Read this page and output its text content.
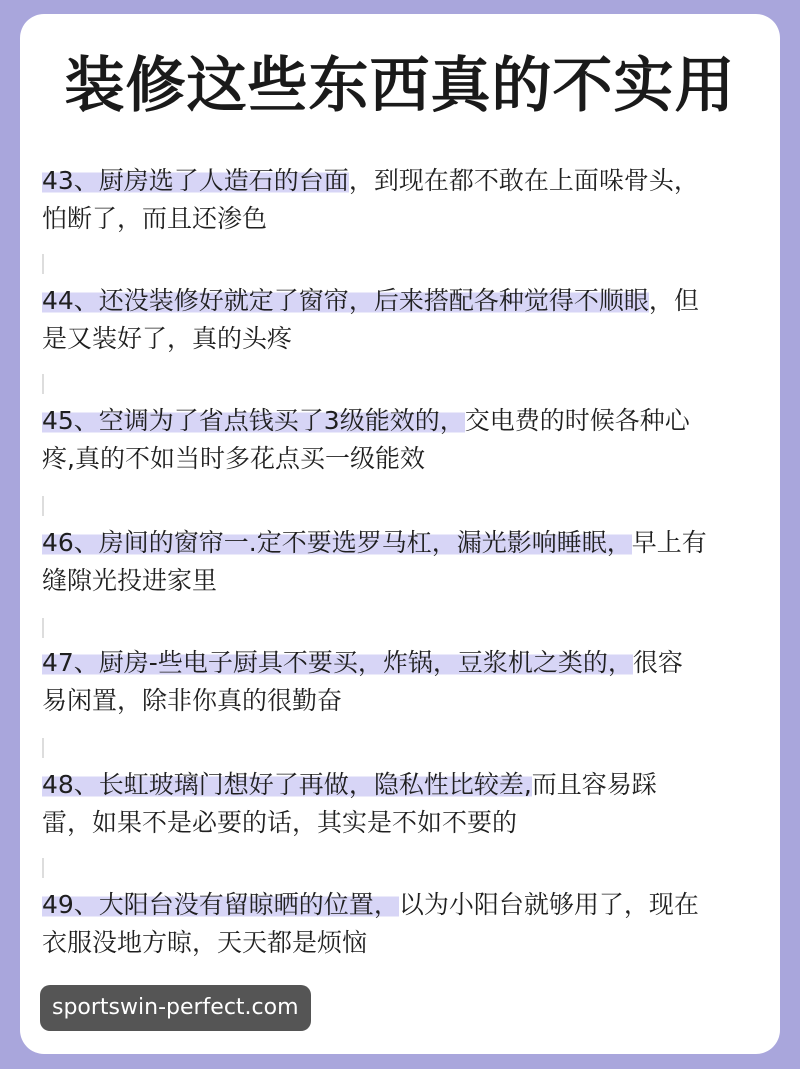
装修这些东西真的不实用
43、厨房选了人造石的台面，到现在都不敢在上面哚骨头，
怕断了，而且还渗色
44、还没装修好就定了窗帘，后来搭配各种觉得不顺眼，但
是又装好了，真的头疼
45、空调为了省点钱买了3级能效的，交电费的时候各种心
疼,真的不如当时多花点买一级能效
46、房间的窗帘一.定不要选罗马杠，漏光影响睡眠，早上有
缝隙光投进家里
47、厨房-些电子厨具不要买，炸锅，豆浆机之类的，很容
易闲置，除非你真的很勤奋
48、长虹玻璃门想好了再做，隐私性比较差,而且容易踩
雷，如果不是必要的话，其实是不如不要的
49、大阳台没有留晾晒的位置，以为小阳台就够用了，现在
衣服没地方晾，天天都是烦恼
sportswin-perfect.com
